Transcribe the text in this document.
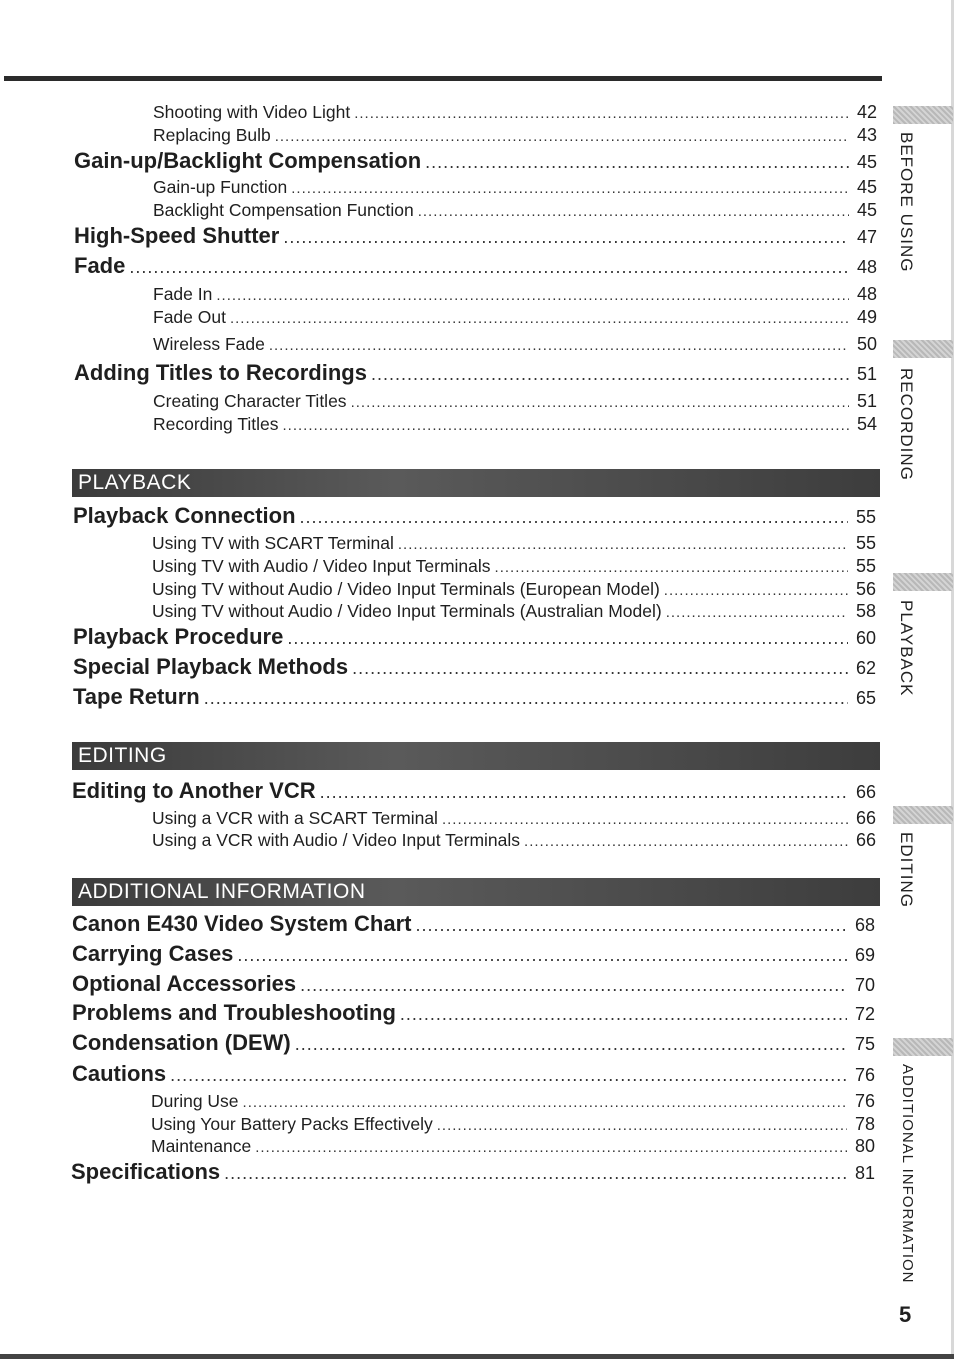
Shooting with Video Light .....	42
Replacing Bulb .....	43
Gain-up/Backlight Compensation .....	45
Gain-up Function .....	45
Backlight Compensation Function .....	45
High-Speed Shutter .....	47
Fade .....	48
Fade In .....	48
Fade Out .....	49
Wireless Fade .....	50
Adding Titles to Recordings .....	51
Creating Character Titles .....	51
Recording Titles .....	54
PLAYBACK
Playback Connection .....	55
Using TV with SCART Terminal .....	55
Using TV with Audio / Video Input Terminals .....	55
Using TV without Audio / Video Input Terminals (European Model) .....	56
Using TV without Audio / Video Input Terminals (Australian Model) .....	58
Playback Procedure .....	60
Special Playback Methods .....	62
Tape Return .....	65
EDITING
Editing to Another VCR .....	66
Using a VCR with a SCART Terminal .....	66
Using a VCR with Audio / Video Input Terminals .....	66
ADDITIONAL INFORMATION
Canon E430 Video System Chart .....	68
Carrying Cases .....	69
Optional Accessories .....	70
Problems and Troubleshooting .....	72
Condensation (DEW) .....	75
Cautions .....	76
During Use .....	76
Using Your Battery Packs Effectively .....	78
Maintenance .....	80
Specifications .....	81
BEFORE USING
RECORDING
PLAYBACK
EDITING
ADDITIONAL INFORMATION
5
